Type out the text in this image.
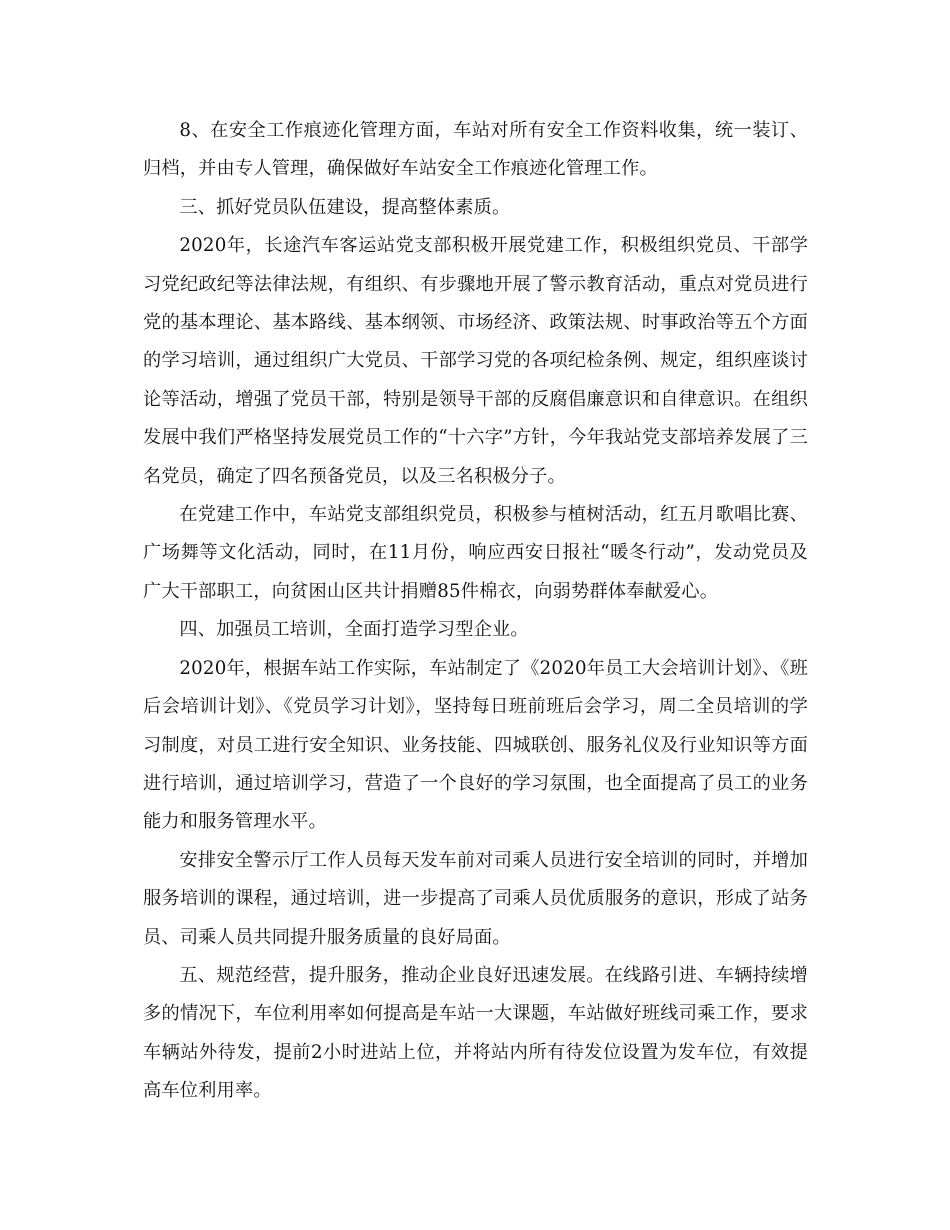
8、在安全工作痕迹化管理方面，车站对所有安全工作资料收集，统一装订、归档，并由专人管理，确保做好车站安全工作痕迹化管理工作。

三、抓好党员队伍建设，提高整体素质。

2020年，长途汽车客运站党支部积极开展党建工作，积极组织党员、干部学习党纪政纪等法律法规，有组织、有步骤地开展了警示教育活动，重点对党员进行党的基本理论、基本路线、基本纲领、市场经济、政策法规、时事政治等五个方面的学习培训，通过组织广大党员、干部学习党的各项纪检条例、规定，组织座谈讨论等活动，增强了党员干部，特别是领导干部的反腐倡廉意识和自律意识。在组织发展中我们严格坚持发展党员工作的“十六字”方针，今年我站党支部培养发展了三名党员，确定了四名预备党员，以及三名积极分子。

在党建工作中，车站党支部组织党员，积极参与植树活动，红五月歌唱比赛、广场舞等文化活动，同时，在11月份，响应西安日报社“暖冬行动”，发动党员及广大干部职工，向贫困山区共计捐赠85件棉衣，向弱势群体奉献爱心。

四、加强员工培训，全面打造学习型企业。

2020年，根据车站工作实际，车站制定了《2020年员工大会培训计划》、《班后会培训计划》、《党员学习计划》，坚持每日班前班后会学习，周二全员培训的学习制度，对员工进行安全知识、业务技能、四城联创、服务礼仪及行业知识等方面进行培训，通过培训学习，营造了一个良好的学习氛围，也全面提高了员工的业务能力和服务管理水平。

安排安全警示厅工作人员每天发车前对司乘人员进行安全培训的同时，并增加服务培训的课程，通过培训，进一步提高了司乘人员优质服务的意识，形成了站务员、司乘人员共同提升服务质量的良好局面。

五、规范经营，提升服务，推动企业良好迅速发展。在线路引进、车辆持续增多的情况下，车位利用率如何提高是车站一大课题，车站做好班线司乘工作，要求车辆站外待发，提前2小时进站上位，并将站内所有待发位设置为发车位，有效提高车位利用率。
